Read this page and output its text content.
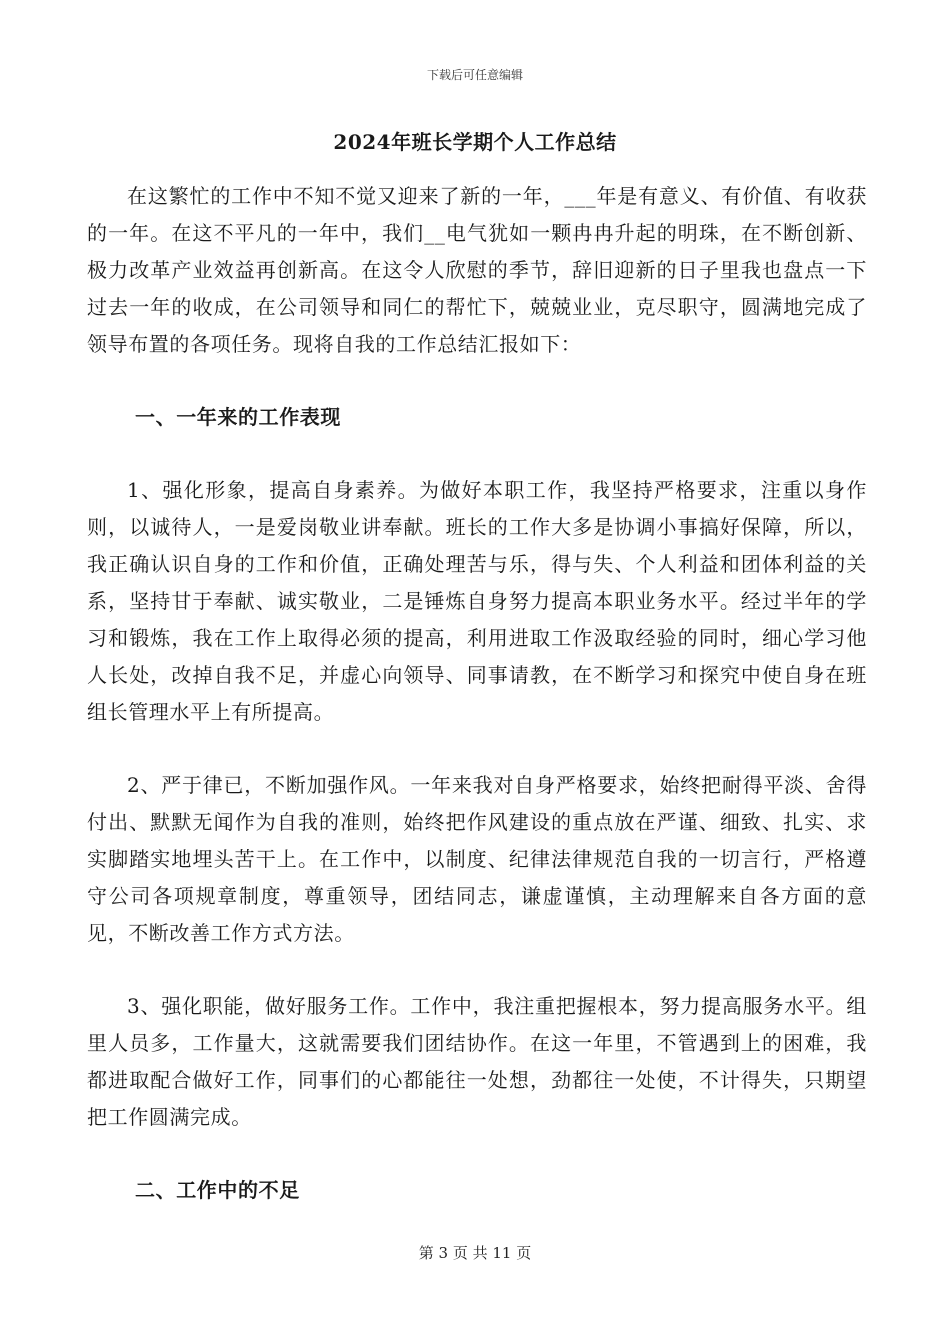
下载后可任意编辑
2024年班长学期个人工作总结

在这繁忙的工作中不知不觉又迎来了新的一年，___年是有意义、有价值、有收获的一年。在这不平凡的一年中，我们__电气犹如一颗冉冉升起的明珠，在不断创新、极力改革产业效益再创新高。在这令人欣慰的季节，辞旧迎新的日子里我也盘点一下过去一年的收成，在公司领导和同仁的帮忙下，兢兢业业，克尽职守，圆满地完成了领导布置的各项任务。现将自我的工作总结汇报如下：

一、一年来的工作表现

1、强化形象，提高自身素养。为做好本职工作，我坚持严格要求，注重以身作则，以诚待人，一是爱岗敬业讲奉献。班长的工作大多是协调小事搞好保障，所以，我正确认识自身的工作和价值，正确处理苦与乐，得与失、个人利益和团体利益的关系，坚持甘于奉献、诚实敬业，二是锤炼自身努力提高本职业务水平。经过半年的学习和锻炼，我在工作上取得必须的提高，利用进取工作汲取经验的同时，细心学习他人长处，改掉自我不足，并虚心向领导、同事请教，在不断学习和探究中使自身在班组长管理水平上有所提高。

2、严于律已，不断加强作风。一年来我对自身严格要求，始终把耐得平淡、舍得付出、默默无闻作为自我的准则，始终把作风建设的重点放在严谨、细致、扎实、求实脚踏实地埋头苦干上。在工作中，以制度、纪律法律规范自我的一切言行，严格遵守公司各项规章制度，尊重领导，团结同志，谦虚谨慎，主动理解来自各方面的意见，不断改善工作方式方法。

3、强化职能，做好服务工作。工作中，我注重把握根本，努力提高服务水平。组里人员多，工作量大，这就需要我们团结协作。在这一年里，不管遇到上的困难，我都进取配合做好工作，同事们的心都能往一处想，劲都往一处使，不计得失，只期望把工作圆满完成。

二、工作中的不足
第 3 页 共 11 页
